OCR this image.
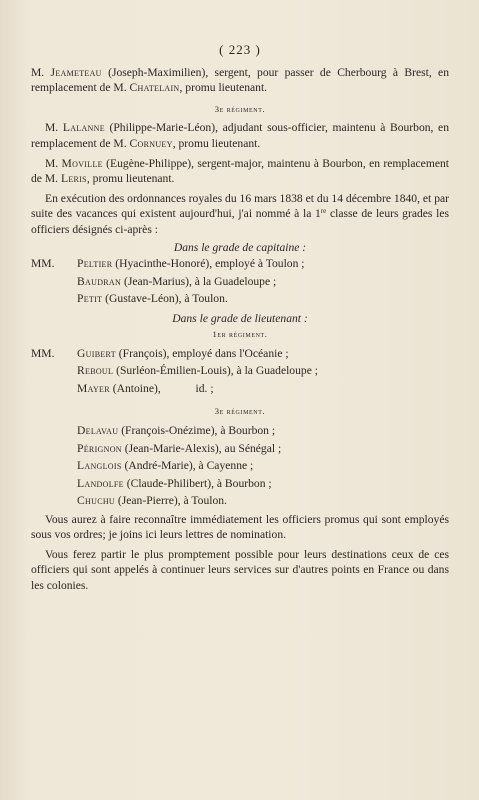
( 223 )

M. Jeameteau (Joseph-Maximilien), sergent, pour passer de Cherbourg à Brest, en remplacement de M. Chatelain, promu lieutenant.

3e régiment.

M. Lalanne (Philippe-Marie-Léon), adjudant sous-officier, maintenu à Bourbon, en remplacement de M. Cornuey, promu lieutenant.

M. Moville (Eugène-Philippe), sergent-major, maintenu à Bourbon, en remplacement de M. Leris, promu lieutenant.

En exécution des ordonnances royales du 16 mars 1838 et du 14 décembre 1840, et par suite des vacances qui existent aujourd'hui, j'ai nommé à la 1re classe de leurs grades les officiers désignés ci-après :

Dans le grade de capitaine :
MM.	Peltier (Hyacinthe-Honoré), employé à Toulon ;
Baudran (Jean-Marius), à la Guadeloupe ;
Petit (Gustave-Léon), à Toulon.
Dans le grade de lieutenant :
1er régiment.
MM.	Guibert (François), employé dans l'Océanie ;
Reboul (Surléon-Émilien-Louis), à la Guadeloupe ;
Mayer (Antoine),            id. ;
3e régiment.
Delavau (François-Onézime), à Bourbon ;
Pérignon (Jean-Marie-Alexis), au Sénégal ;
Langlois (André-Marie), à Cayenne ;
Landolfe (Claude-Philibert), à Bourbon ;
Chuchu (Jean-Pierre), à Toulon.

Vous aurez à faire reconnaître immédiatement les officiers promus qui sont employés sous vos ordres; je joins ici leurs lettres de nomination.

Vous ferez partir le plus promptement possible pour leurs destinations ceux de ces officiers qui sont appelés à continuer leurs services sur d'autres points en France ou dans les colonies.
